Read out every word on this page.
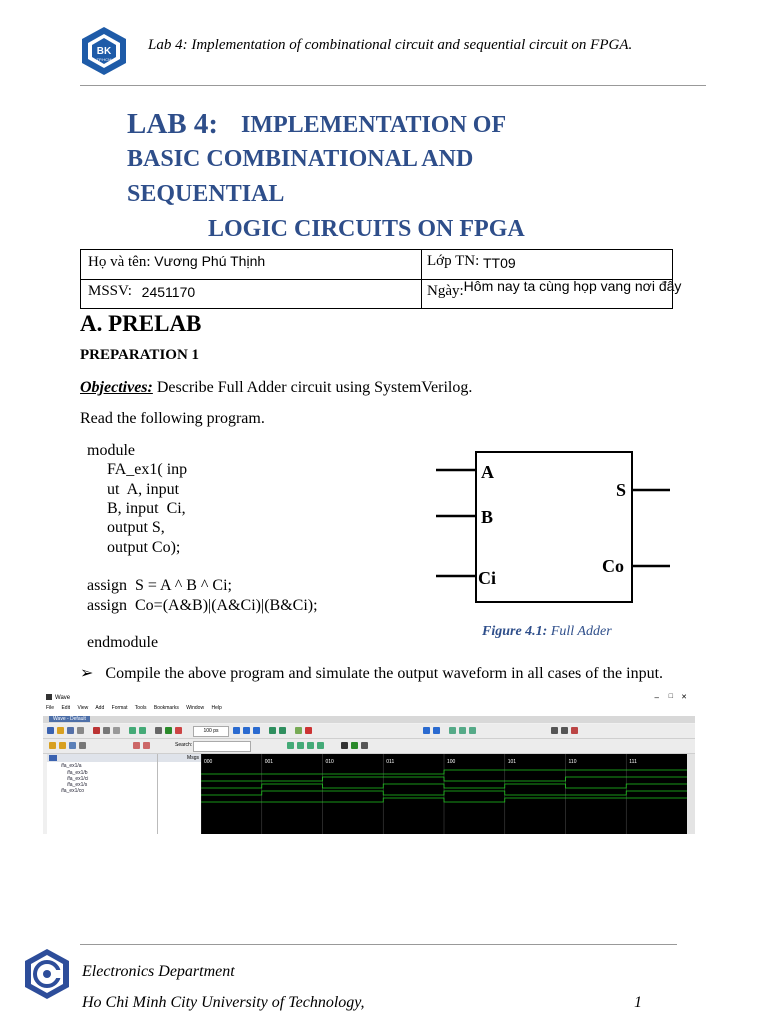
BK
TP.HCM
Lab 4: Implementation of combinational circuit and sequential circuit on FPGA.
LAB 4: IMPLEMENTATION OF
BASIC COMBINATIONAL AND
SEQUENTIAL
LOGIC CIRCUITS ON FPGA
Họ và tên: Vương Phú Thịnh	Lớp TN: TT09
MSSV: 2451170	Ngày:Hôm nay ta cùng họp vang nơi đây
A. PRELAB
PREPARATION 1
Objectives: Describe Full Adder circuit using SystemVerilog.
Read the following program.
module
FA_ex1( inp
ut  A, input
B, input  Ci,
output S,
output Co);
assign  S = A ^ B ^ Ci;
assign  Co=(A&B)|(A&Ci)|(B&Ci);
endmodule
A
B
Ci
S
Co
Figure 4.1: Full Adder
➢ Compile the above program and simulate the output waveform in all cases of the input.
Wave	– □ ✕
File Edit View Add Format Tools Bookmarks Window Help
Wave - Default
100 ps
Search:
/fa_ex1/a
/fa_ex1/b
/fa_ex1/ci
/fa_ex1/s
/fa_ex1/co
Msgs
000	001	010	011	100	101	110	111
Electronics Department
Ho Chi Minh City University of Technology,	1
